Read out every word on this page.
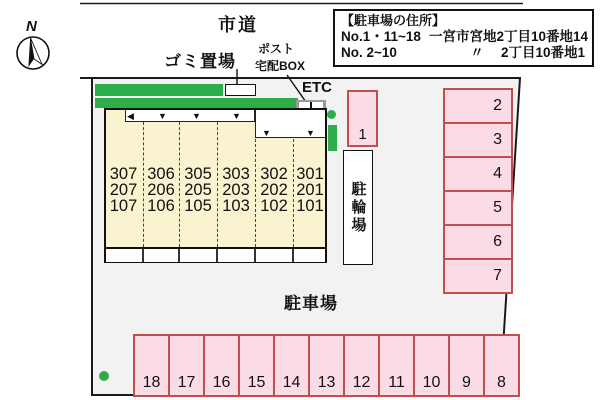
市道
N
ゴミ置場
ポスト
宅配BOX
【駐車場の住所】
No.1・11~18 一宮市宮地2丁目10番地14
No. 2~10	〃 2丁目10番地1
ETC
◀	▼	▼	▼
▼	▼
307 306 305 303 302 301
207 206 205 203 202 201
107 106 105 103 102 101
1
2
3
4
5
6
7
18	17	16	15	14	13	12	11	10	9	8
駐車場
駐輪場
